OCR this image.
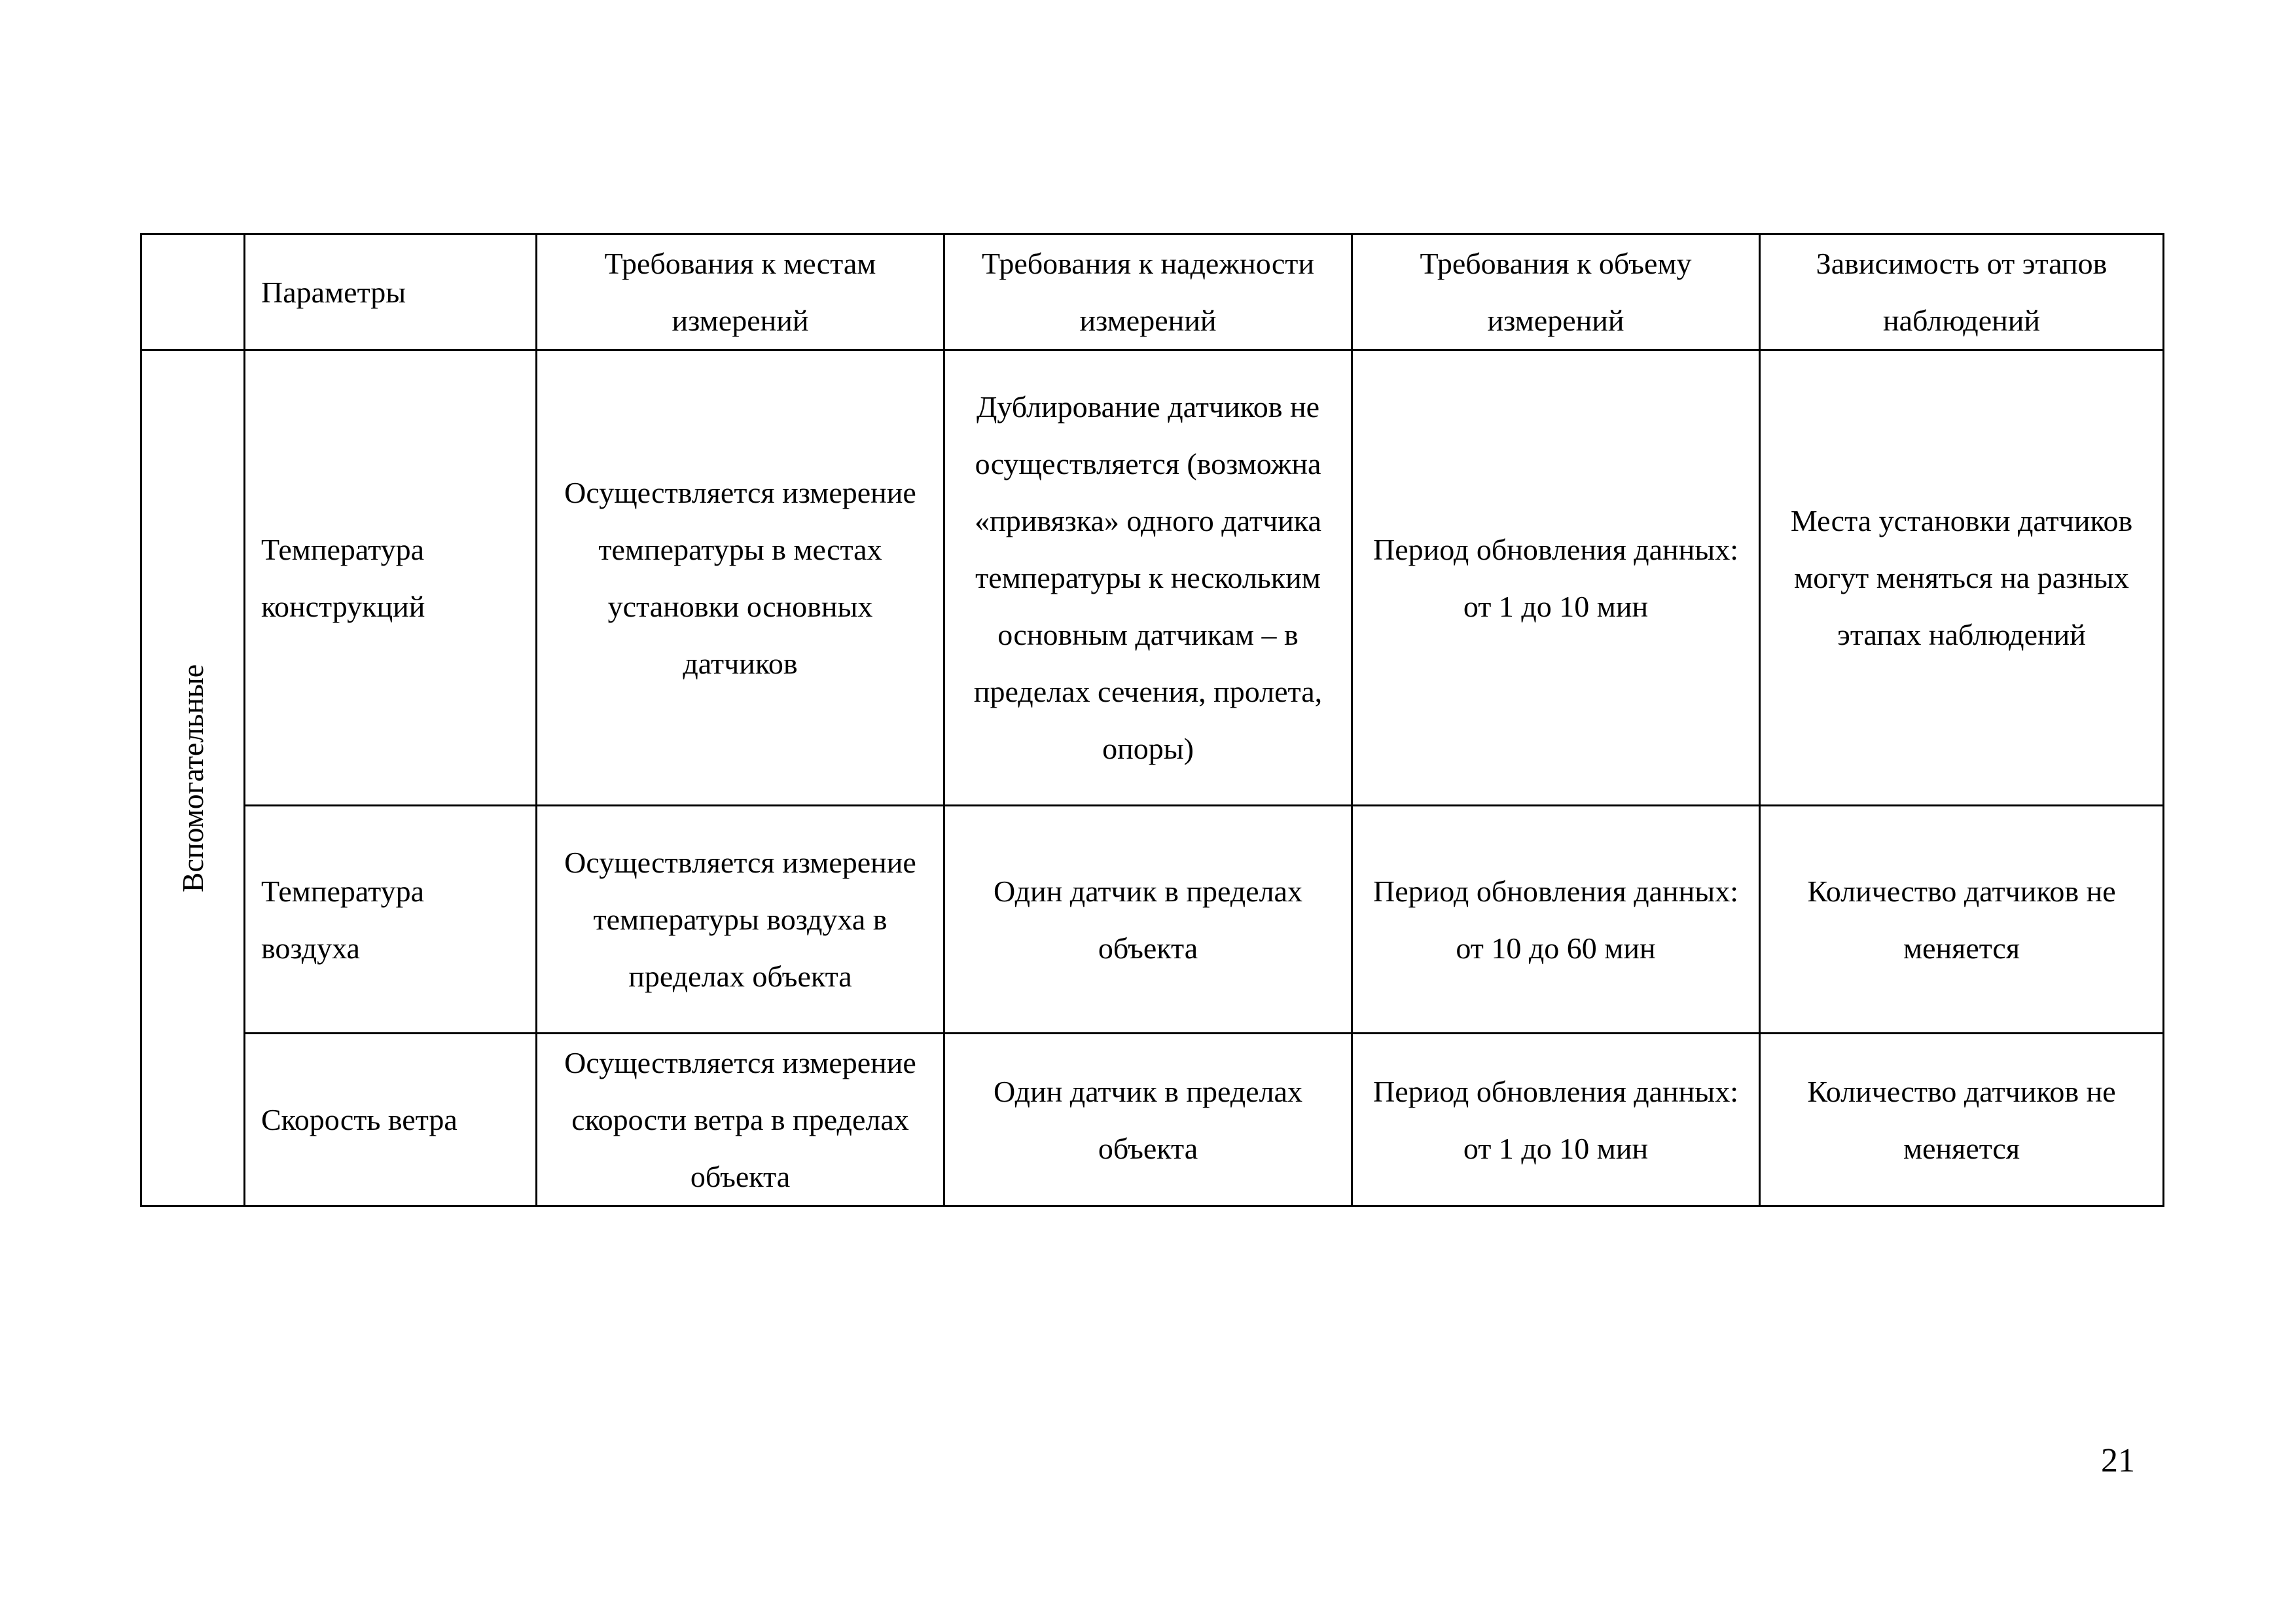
	Параметры	Требования к местам измерений	Требования к надежности измерений	Требования к объему измерений	Зависимость от этапов наблюдений

Вспомогательные	Температура конструкций	Осуществляется измерение температуры в местах установки основных датчиков	Дублирование датчиков не осуществляется (возможна «привязка» одного датчика температуры к нескольким основным датчикам – в пределах сечения, пролета, опоры)	Период обновления данных: от 1 до 10 мин	Места установки датчиков могут меняться на разных этапах наблюдений
	Температура воздуха	Осуществляется измерение температуры воздуха в пределах объекта	Один датчик в пределах объекта	Период обновления данных: от 10 до 60 мин	Количество датчиков не меняется
	Скорость ветра	Осуществляется измерение скорости ветра в пределах объекта	Один датчик в пределах объекта	Период обновления данных: от 1 до 10 мин	Количество датчиков не меняется
21
